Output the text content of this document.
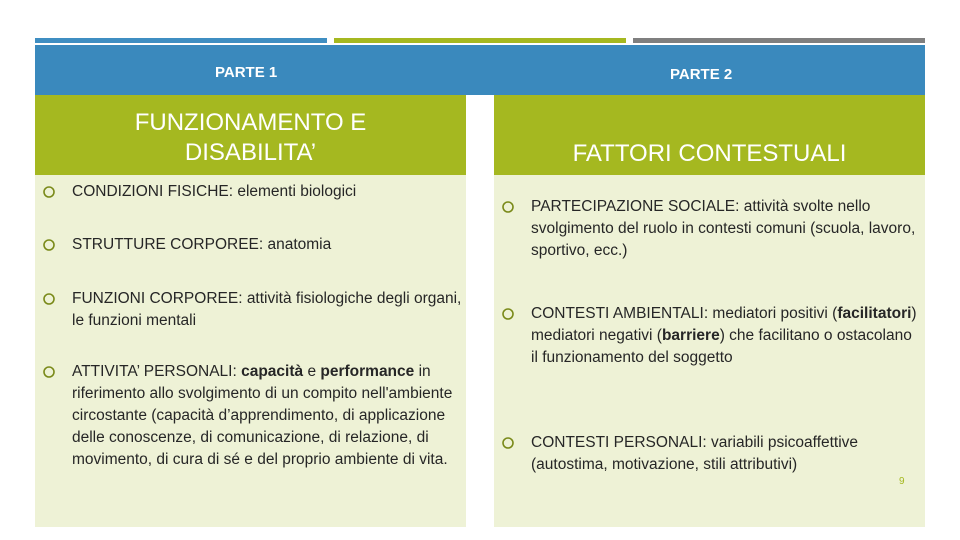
PARTE 1	PARTE 2
FUNZIONAMENTO E
DISABILITA’
CONDIZIONI FISICHE: elementi biologici
STRUTTURE CORPOREE: anatomia
FUNZIONI CORPOREE: attività fisiologiche degli organi, le funzioni mentali
ATTIVITA’ PERSONALI: capacità e performance in riferimento allo svolgimento di un compito nell'ambiente circostante (capacità d’apprendimento, di applicazione delle conoscenze, di comunicazione, di relazione, di movimento, di cura di sé e del proprio ambiente di vita.
FATTORI CONTESTUALI
PARTECIPAZIONE SOCIALE: attività svolte nello svolgimento del ruolo in contesti comuni (scuola, lavoro, sportivo, ecc.)
CONTESTI AMBIENTALI: mediatori positivi (facilitatori) mediatori negativi (barriere) che facilitano o ostacolano il funzionamento del soggetto
CONTESTI PERSONALI: variabili psicoaffettive (autostima, motivazione, stili attributivi)
9
